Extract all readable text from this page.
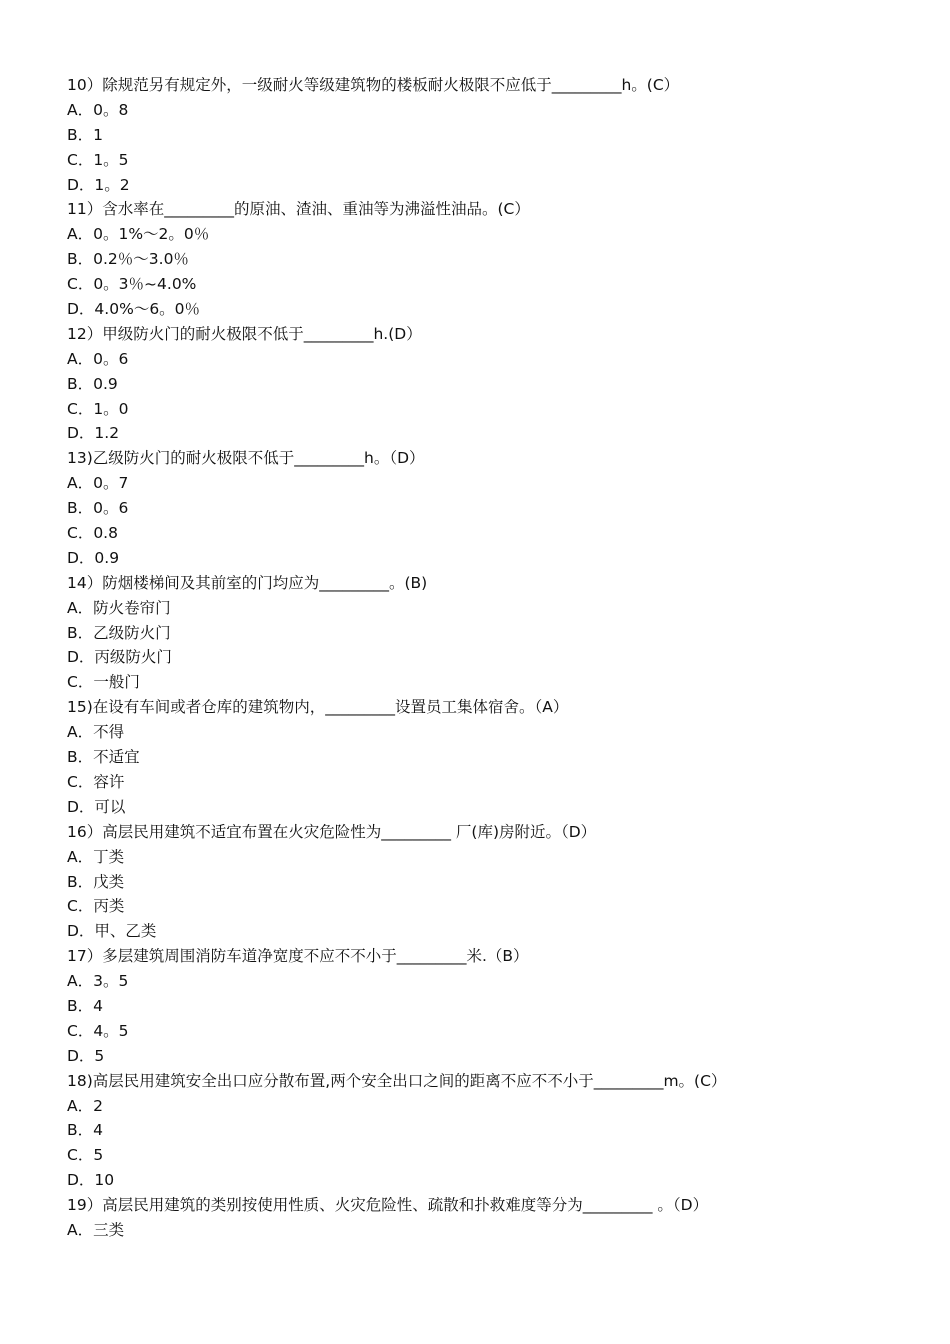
10）除规范另有规定外，一级耐火等级建筑物的楼板耐火极限不应低于_________h。(C）
A．0。8
B．1
C．1。5
D．1。2
11）含水率在_________的原油、渣油、重油等为沸溢性油品。(C）
A．0。1%～2。0％
B．0.2％～3.0％
C．0。3％~4.0%
D．4.0%～6。0％
12）甲级防火门的耐火极限不低于_________h.(D）
A．0。6
B．0.9
C．1。0
D．1.2
13)乙级防火门的耐火极限不低于_________h。（D）
A．0。7
B．0。6
C．0.8
D．0.9
14）防烟楼梯间及其前室的门均应为_________。(B)
A．防火卷帘门
B．乙级防火门
D．丙级防火门
C．一般门
15)在设有车间或者仓库的建筑物内，_________设置员工集体宿舍。（A）
A．不得
B．不适宜
C．容许
D．可以
16）高层民用建筑不适宜布置在火灾危险性为_________ 厂(库)房附近。（D）
A．丁类
B．戊类
C．丙类
D．甲、乙类
17）多层建筑周围消防车道净宽度不应不不小于_________米.（B）
A．3。5
B．4
C．4。5
D．5
18)高层民用建筑安全出口应分散布置,两个安全出口之间的距离不应不不小于_________m。(C）
A．2
B．4
C．5
D．10
19）高层民用建筑的类别按使用性质、火灾危险性、疏散和扑救难度等分为_________ 。（D）
A．三类
